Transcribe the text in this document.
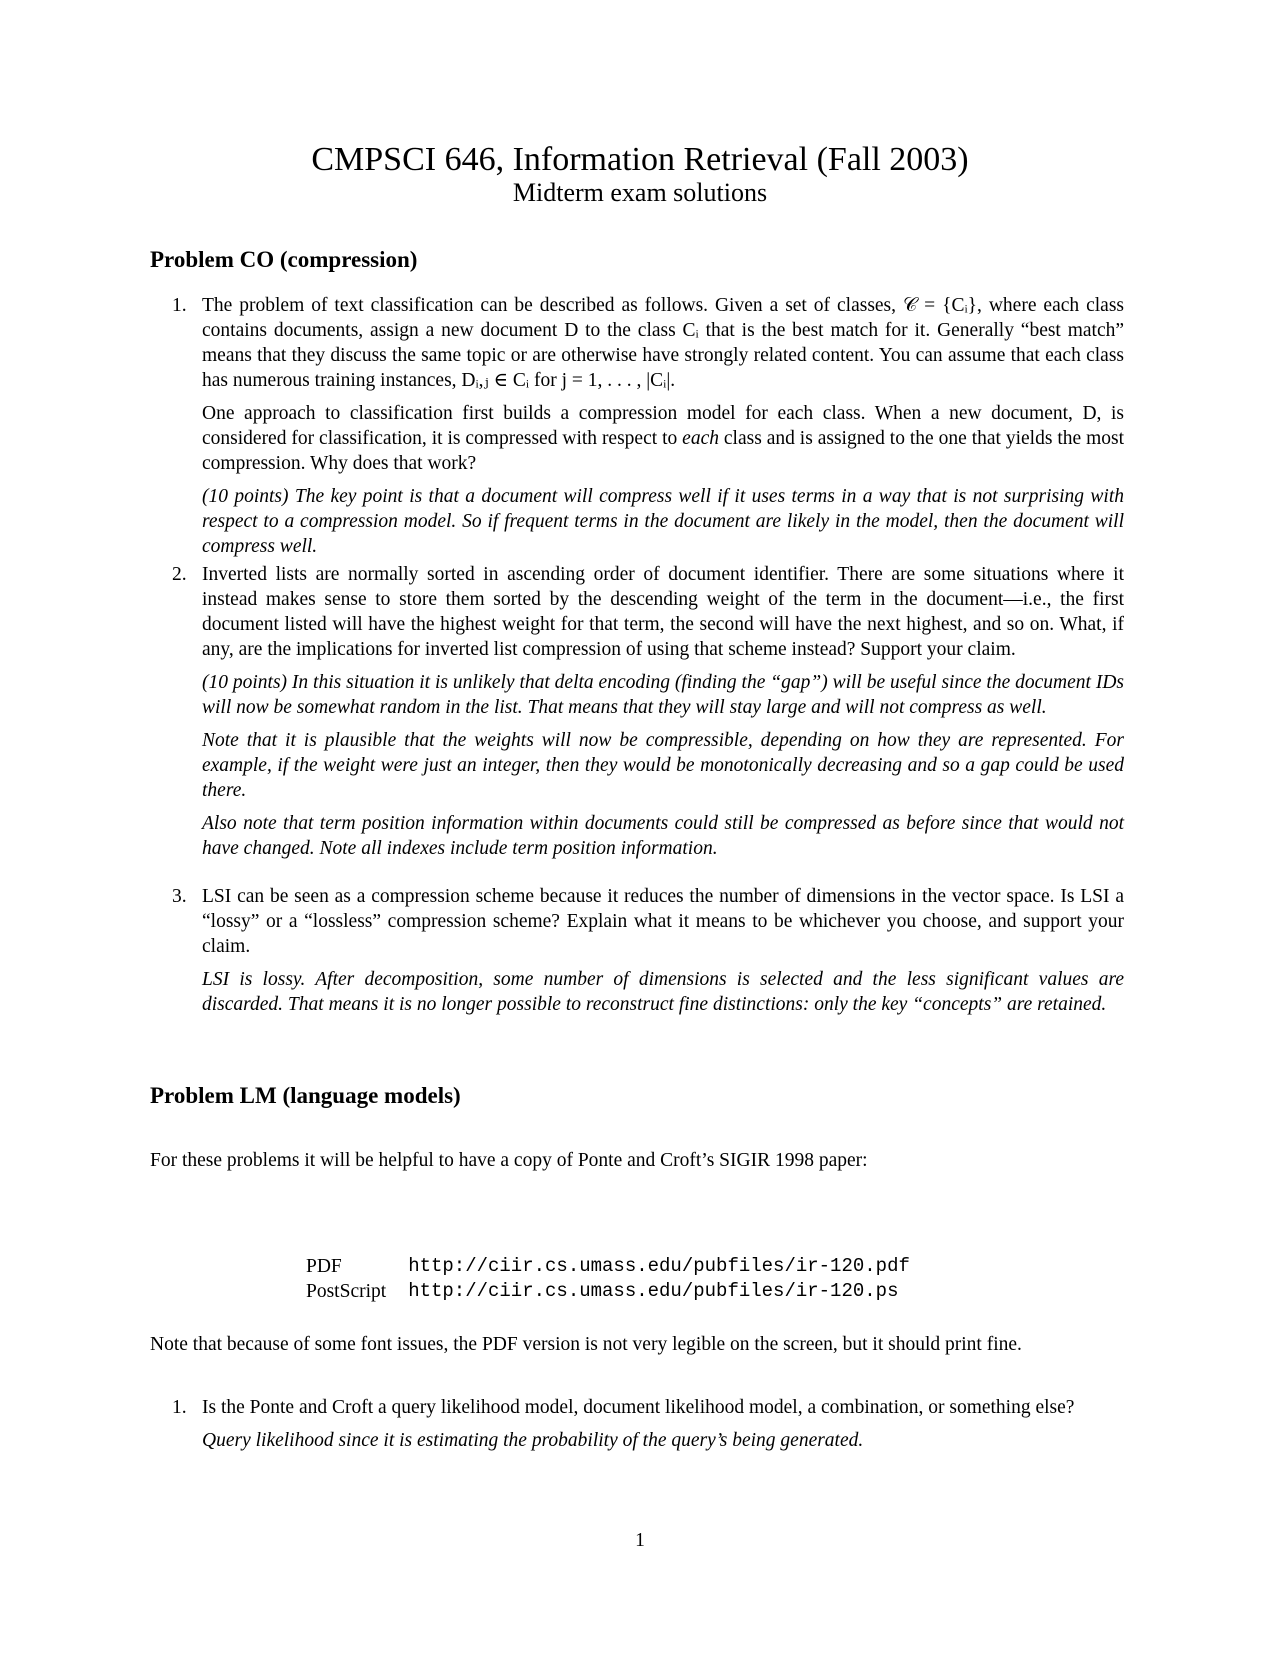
CMPSCI 646, Information Retrieval (Fall 2003)
Midterm exam solutions
Problem CO (compression)
1. The problem of text classification can be described as follows. Given a set of classes, 𝒞 = {Cᵢ}, where each class contains documents, assign a new document D to the class Cᵢ that is the best match for it. Generally “best match” means that they discuss the same topic or are otherwise have strongly related content. You can assume that each class has numerous training instances, Dᵢ,ⱼ ∈ Cᵢ for j = 1, . . . , |Cᵢ|.

One approach to classification first builds a compression model for each class. When a new document, D, is considered for classification, it is compressed with respect to each class and is assigned to the one that yields the most compression. Why does that work?

(10 points) The key point is that a document will compress well if it uses terms in a way that is not surprising with respect to a compression model. So if frequent terms in the document are likely in the model, then the document will compress well.

2. Inverted lists are normally sorted in ascending order of document identifier. There are some situations where it instead makes sense to store them sorted by the descending weight of the term in the document—i.e., the first document listed will have the highest weight for that term, the second will have the next highest, and so on. What, if any, are the implications for inverted list compression of using that scheme instead? Support your claim.

(10 points) In this situation it is unlikely that delta encoding (finding the “gap”) will be useful since the document IDs will now be somewhat random in the list. That means that they will stay large and will not compress as well.

Note that it is plausible that the weights will now be compressible, depending on how they are represented. For example, if the weight were just an integer, then they would be monotonically decreasing and so a gap could be used there.

Also note that term position information within documents could still be compressed as before since that would not have changed. Note all indexes include term position information.

3. LSI can be seen as a compression scheme because it reduces the number of dimensions in the vector space. Is LSI a “lossy” or a “lossless” compression scheme? Explain what it means to be whichever you choose, and support your claim.

LSI is lossy. After decomposition, some number of dimensions is selected and the less significant values are discarded. That means it is no longer possible to reconstruct fine distinctions: only the key “concepts” are retained.

Problem LM (language models)
For these problems it will be helpful to have a copy of Ponte and Croft’s SIGIR 1998 paper:
PDF	http://ciir.cs.umass.edu/pubfiles/ir-120.pdf
PostScript	http://ciir.cs.umass.edu/pubfiles/ir-120.ps
Note that because of some font issues, the PDF version is not very legible on the screen, but it should print fine.
1. Is the Ponte and Croft a query likelihood model, document likelihood model, a combination, or something else?

Query likelihood since it is estimating the probability of the query’s being generated.

1
